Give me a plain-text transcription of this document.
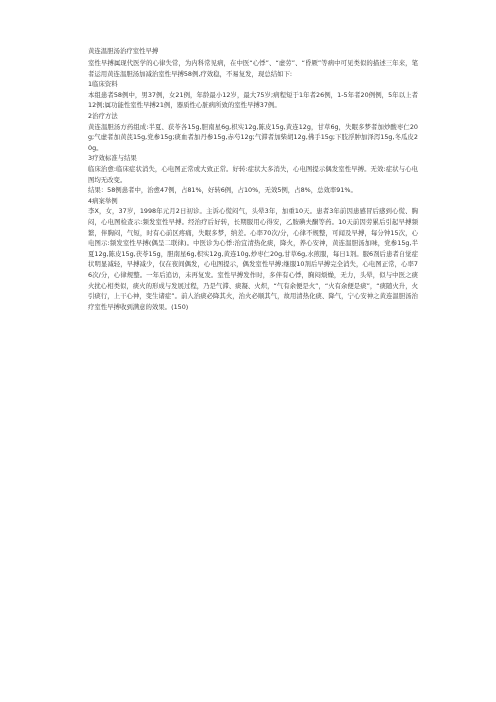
黄连温胆汤治疗室性早搏

室性早搏属现代医学的心律失常，为内科常见病，在中医“心悸”、“虚劳”、“昏厥”等病中可见类似的描述三年来，笔者运用黄连温胆汤加减治室性早搏58例,疗效稳，不易复发，现总结如下:

1临床资料

本组患者58例中，男37例，女21例，年龄最小12岁，最大75岁;病程短于1年者26例，1-5年者20例例，5年以上者12例;属功能性室性早搏21例，器质性心脏病所致的室性早搏37例。

2治疗方法

黄连温胆汤方药组成:半夏、获苓各15g,胆南星6g,枳实12g,陈皮15g,黄连12g，甘草6g，失眠多梦者加炒酸枣仁20g;气虚者加黄芪15g,党参15g;痰血者加丹参15g,赤芍12g;气滞者加柴胡12g,佛手15g;下肢浮肿加泽泻15g,冬瓜皮20g。

3疗效标准与结果

临床治愈:临床症状消失，心电图正常或大致正常。好转:症状大多消失，心电图提示偶发室性早搏。无效:症状与心电图均无改变。

结果：58例患者中，治愈47例，占81%，好转6例，占10%，无效5例，占8%，总效率91%。

4病案举例

李X，女，37岁，1998年元月2日初诊。主诉心慌闷气，头晕3年，加重10天。患者3年前因患感冒后感到心慌、胸闷，心电图检查示:频发室性早搏。经治疗后好转，长期服用心得安，乙胺碘夫酮等药。10天前因劳累后引起早搏频繁，伴胸闷，气短，时有心前区疼痛，失眠多梦，纳差。心率70次/分，心律不规整，可闻及早搏，每分钟15次，心电图示:频发室性早搏(偶呈二联律)。中医诊为心悸:治宜清热化痰，降火，养心安神，黄连温胆汤加味，党参15g,半夏12g,陈皮15g,茯苓15g，胆南星6g,枳实12g,黄连10g,炒枣仁20g,甘草6g,水煎服，每日1剂。服6剂后患者自觉症状明显减轻，早搏减少，仅在夜间偶发，心电图提示，偶发室性早搏;继服10剂后早搏完全消失，心电图正常，心率76次/分，心律规整。一年后追访，未再复发。室性早搏发作时，多伴有心悸，胸闷烦燥，无力，头晕，似与中医之痰火扰心相类似，痰火的形成与发展过程，乃是气滞、痰凝、火炽，“气有余便是火”，“火有余便是痰”，“痰随火升，火引痰行，上干心神，变生诸症”。前人治痰必降其火，治火必顺其气，故用清热化痰、降气，宁心安神之黄连温胆汤治疗室性早搏收到满意的效果。(150)
